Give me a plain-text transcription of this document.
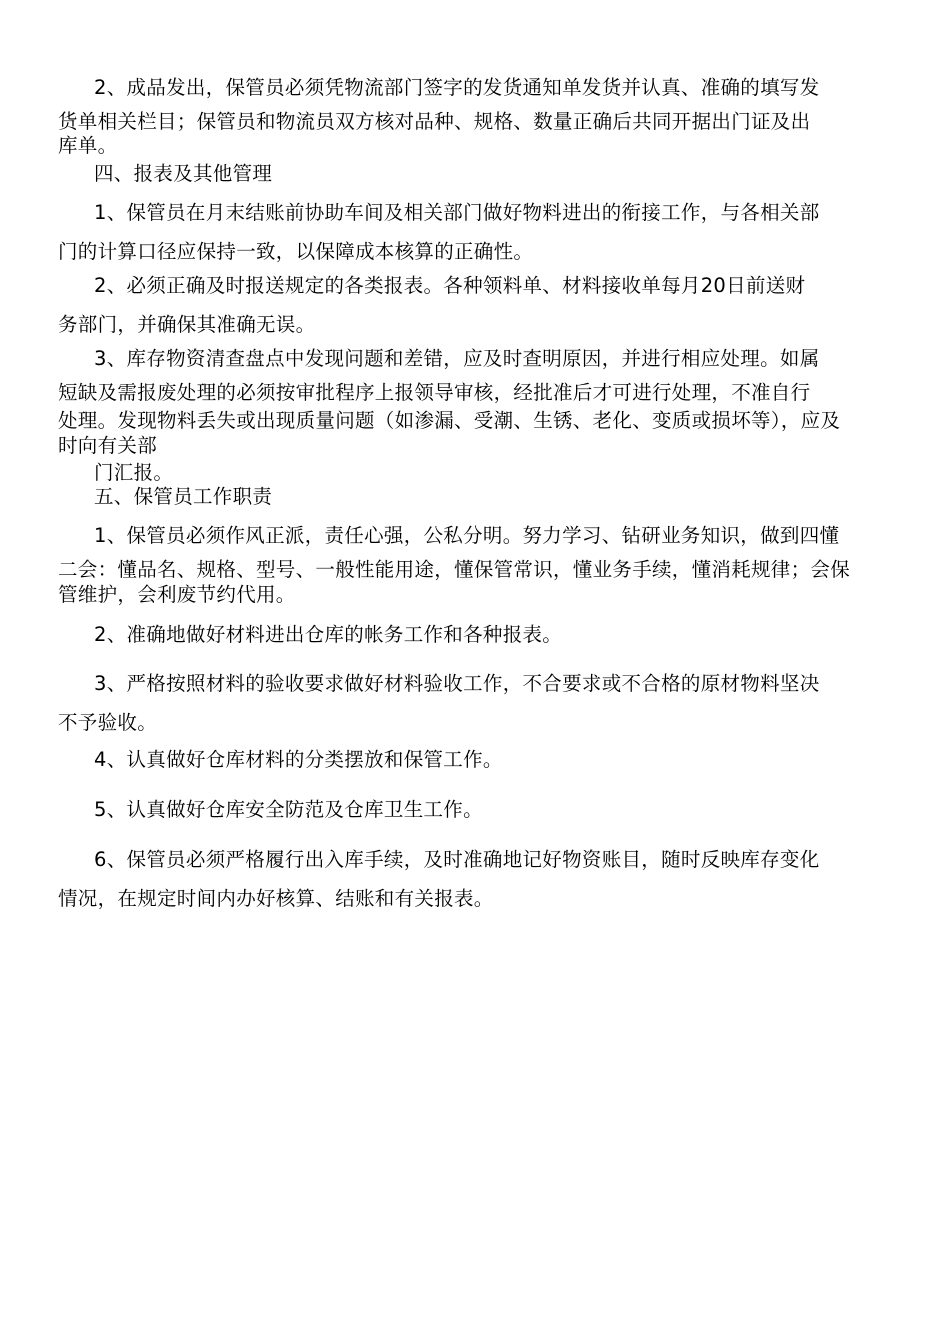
2、成品发出，保管员必须凭物流部门签字的发货通知单发货并认真、准确的填写发
货单相关栏目；保管员和物流员双方核对品种、规格、数量正确后共同开据出门证及出
库单。

四、报表及其他管理

1、保管员在月末结账前协助车间及相关部门做好物料进出的衔接工作，与各相关部
门的计算口径应保持一致，以保障成本核算的正确性。

2、必须正确及时报送规定的各类报表。各种领料单、材料接收单每月20日前送财
务部门，并确保其准确无误。

3、库存物资清查盘点中发现问题和差错，应及时查明原因，并进行相应处理。如属
短缺及需报废处理的必须按审批程序上报领导审核，经批准后才可进行处理，不准自行
处理。发现物料丢失或出现质量问题（如渗漏、受潮、生锈、老化、变质或损坏等），应及
时向有关部

门汇报。

五、保管员工作职责

1、保管员必须作风正派，责任心强，公私分明。努力学习、钻研业务知识，做到四懂
二会：懂品名、规格、型号、一般性能用途，懂保管常识，懂业务手续，懂消耗规律；会保
管维护，会利废节约代用。

2、准确地做好材料进出仓库的帐务工作和各种报表。

3、严格按照材料的验收要求做好材料验收工作，不合要求或不合格的原材物料坚决
不予验收。

4、认真做好仓库材料的分类摆放和保管工作。

5、认真做好仓库安全防范及仓库卫生工作。

6、保管员必须严格履行出入库手续，及时准确地记好物资账目，随时反映库存变化
情况，在规定时间内办好核算、结账和有关报表。
